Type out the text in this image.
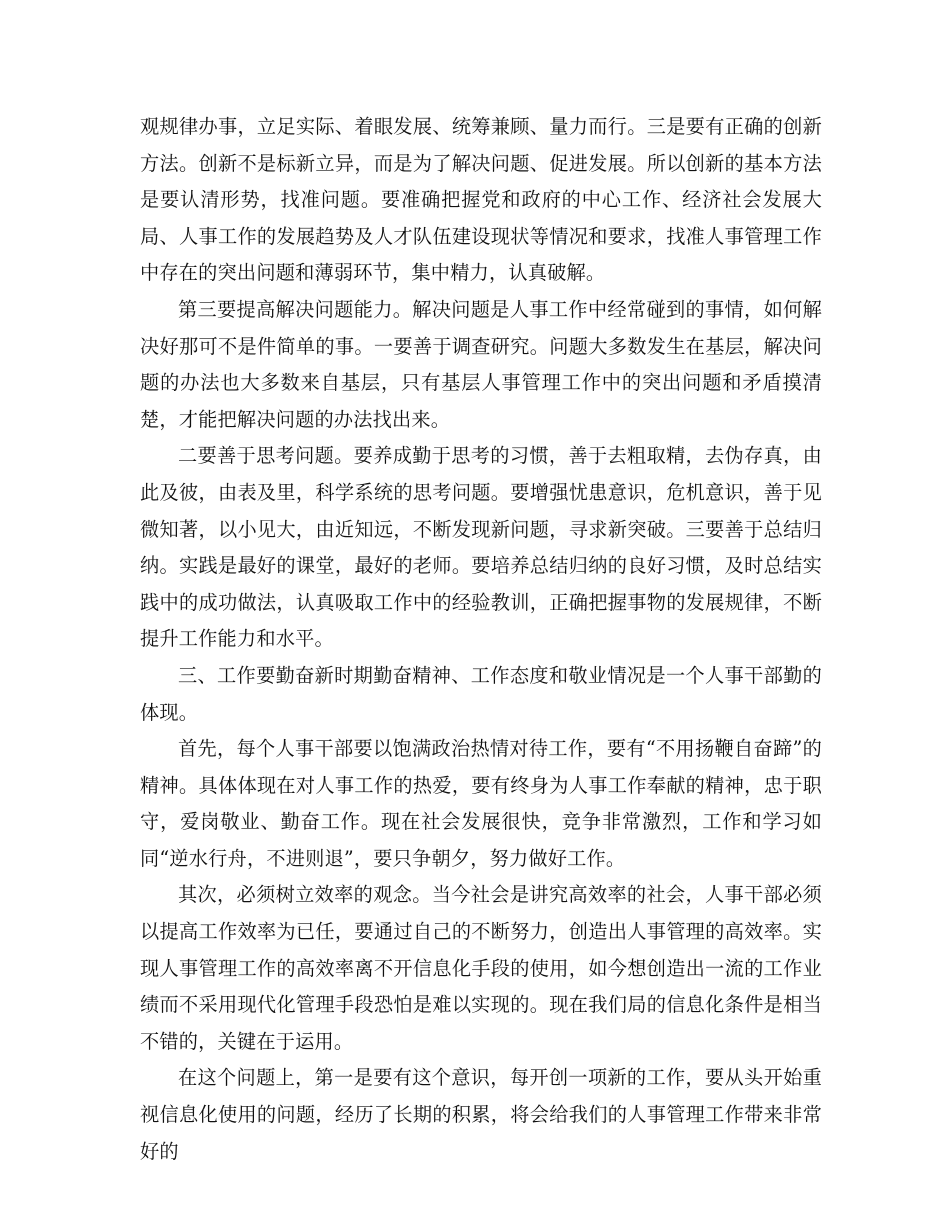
观规律办事，立足实际、着眼发展、统筹兼顾、量力而行。三是要有正确的创新方法。创新不是标新立异，而是为了解决问题、促进发展。所以创新的基本方法是要认清形势，找准问题。要准确把握党和政府的中心工作、经济社会发展大局、人事工作的发展趋势及人才队伍建设现状等情况和要求，找准人事管理工作中存在的突出问题和薄弱环节，集中精力，认真破解。

第三要提高解决问题能力。解决问题是人事工作中经常碰到的事情，如何解决好那可不是件简单的事。一要善于调查研究。问题大多数发生在基层，解决问题的办法也大多数来自基层，只有基层人事管理工作中的突出问题和矛盾摸清楚，才能把解决问题的办法找出来。

二要善于思考问题。要养成勤于思考的习惯，善于去粗取精，去伪存真，由此及彼，由表及里，科学系统的思考问题。要增强忧患意识，危机意识，善于见微知著，以小见大，由近知远，不断发现新问题，寻求新突破。三要善于总结归纳。实践是最好的课堂，最好的老师。要培养总结归纳的良好习惯，及时总结实践中的成功做法，认真吸取工作中的经验教训，正确把握事物的发展规律，不断提升工作能力和水平。

三、工作要勤奋新时期勤奋精神、工作态度和敬业情况是一个人事干部勤的体现。

首先，每个人事干部要以饱满政治热情对待工作，要有“不用扬鞭自奋蹄”的精神。具体体现在对人事工作的热爱，要有终身为人事工作奉献的精神，忠于职守，爱岗敬业、勤奋工作。现在社会发展很快，竞争非常激烈，工作和学习如同“逆水行舟，不进则退”，要只争朝夕，努力做好工作。

其次，必须树立效率的观念。当今社会是讲究高效率的社会，人事干部必须以提高工作效率为已任，要通过自己的不断努力，创造出人事管理的高效率。实现人事管理工作的高效率离不开信息化手段的使用，如今想创造出一流的工作业绩而不采用现代化管理手段恐怕是难以实现的。现在我们局的信息化条件是相当不错的，关键在于运用。

在这个问题上，第一是要有这个意识，每开创一项新的工作，要从头开始重视信息化使用的问题，经历了长期的积累，将会给我们的人事管理工作带来非常好的
